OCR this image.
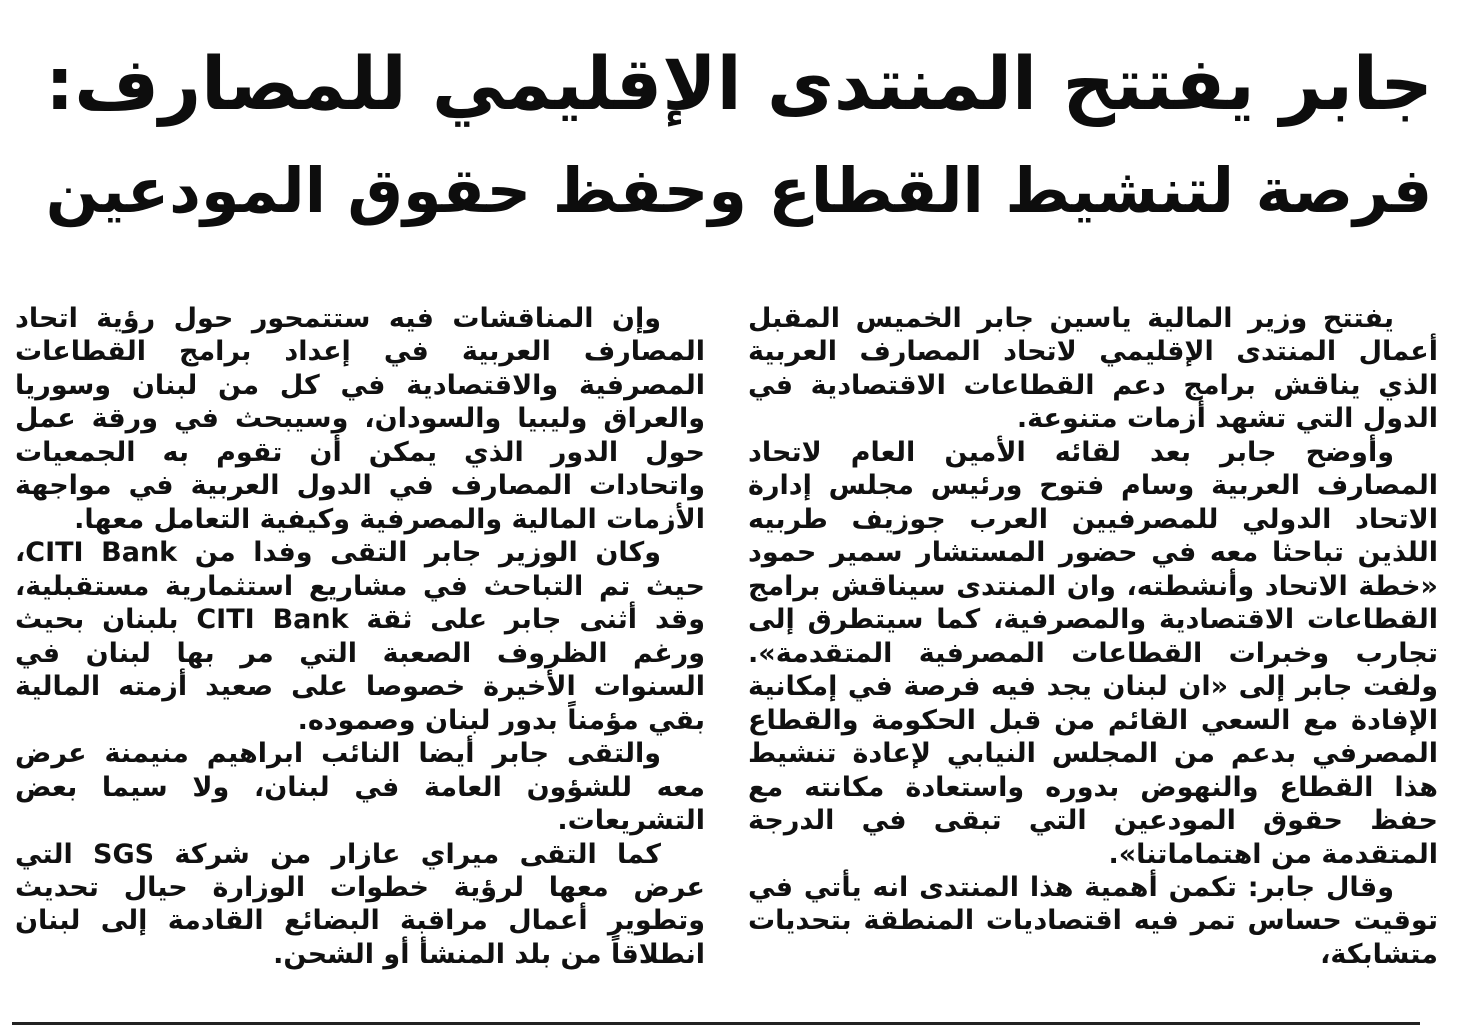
جابر يفتتح المنتدى الإقليمي للمصارف:
فرصة لتنشيط القطاع وحفظ حقوق المودعين

يفتتح وزير المالية ياسين جابر الخميس المقبل أعمال المنتدى الإقليمي لاتحاد المصارف العربية الذي يناقش برامج دعم القطاعات الاقتصادية في الدول التي تشهد أزمات متنوعة.

وأوضح جابر بعد لقائه الأمين العام لاتحاد المصارف العربية وسام فتوح ورئيس مجلس إدارة الاتحاد الدولي للمصرفيين العرب جوزيف طربيه اللذين تباحثا معه في حضور المستشار سمير حمود «خطة الاتحاد وأنشطته، وان المنتدى سيناقش برامج القطاعات الاقتصادية والمصرفية، كما سيتطرق إلى تجارب وخبرات القطاعات المصرفية المتقدمة». ولفت جابر إلى «ان لبنان يجد فيه فرصة في إمكانية الإفادة مع السعي القائم من قبل الحكومة والقطاع المصرفي بدعم من المجلس النيابي لإعادة تنشيط هذا القطاع والنهوض بدوره واستعادة مكانته مع حفظ حقوق المودعين التي تبقى في الدرجة المتقدمة من اهتماماتنا».

وقال جابر: تكمن أهمية هذا المنتدى انه يأتي في توقيت حساس تمر فيه اقتصاديات المنطقة بتحديات متشابكة،

وإن المناقشات فيه ستتمحور حول رؤية اتحاد المصارف العربية في إعداد برامج القطاعات المصرفية والاقتصادية في كل من لبنان وسوريا والعراق وليبيا والسودان، وسيبحث في ورقة عمل حول الدور الذي يمكن أن تقوم به الجمعيات واتحادات المصارف في الدول العربية في مواجهة الأزمات المالية والمصرفية وكيفية التعامل معها.

وكان الوزير جابر التقى وفدا من CITI Bank، حيث تم التباحث في مشاريع استثمارية مستقبلية، وقد أثنى جابر على ثقة CITI Bank بلبنان بحيث ورغم الظروف الصعبة التي مر بها لبنان في السنوات الأخيرة خصوصا على صعيد أزمته المالية بقي مؤمناً بدور لبنان وصموده.

والتقى جابر أيضا النائب ابراهيم منيمنة عرض معه للشؤون العامة في لبنان، ولا سيما بعض التشريعات.

كما التقى ميراي عازار من شركة SGS التي عرض معها لرؤية خطوات الوزارة حيال تحديث وتطوير أعمال مراقبة البضائع القادمة إلى لبنان انطلاقاً من بلد المنشأ أو الشحن.
